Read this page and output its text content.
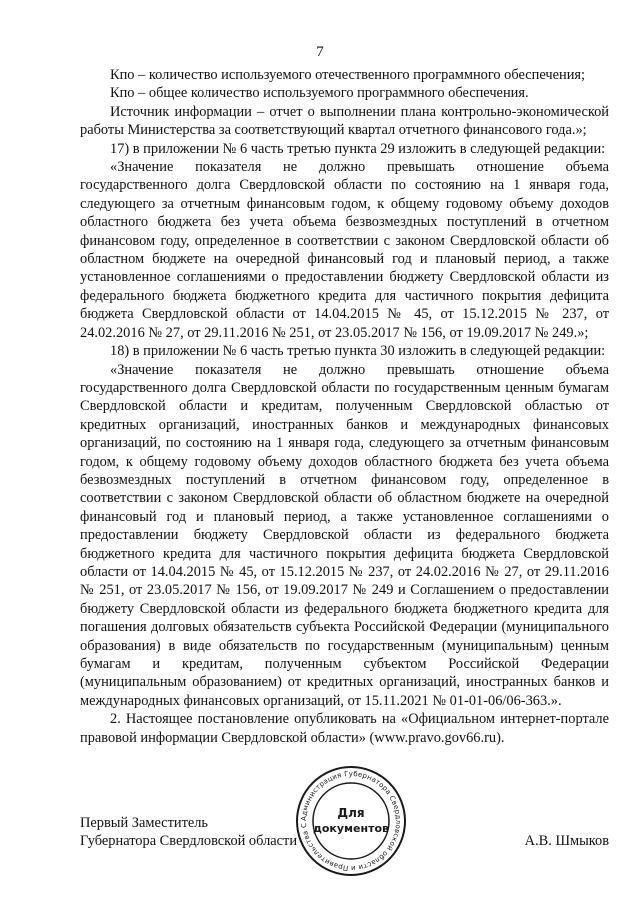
7

Кпо – количество используемого отечественного программного обеспечения;

Кпо – общее количество используемого программного обеспечения.

Источник информации – отчет о выполнении плана контрольно-экономической работы Министерства за соответствующий квартал отчетного финансового года.»;

17) в приложении № 6 часть третью пункта 29 изложить в следующей редакции:

«Значение показателя не должно превышать отношение объема государственного долга Свердловской области по состоянию на 1 января года, следующего за отчетным финансовым годом, к общему годовому объему доходов областного бюджета без учета объема безвозмездных поступлений в отчетном финансовом году, определенное в соответствии с законом Свердловской области об областном бюджете на очередной финансовый год и плановый период, а также установленное соглашениями о предоставлении бюджету Свердловской области из федерального бюджета бюджетного кредита для частичного покрытия дефицита бюджета Свердловской области от 14.04.2015 № 45, от 15.12.2015 № 237, от 24.02.2016 № 27, от 29.11.2016 № 251, от 23.05.2017 № 156, от 19.09.2017 № 249.»;

18) в приложении № 6 часть третью пункта 30 изложить в следующей редакции:

«Значение показателя не должно превышать отношение объема государственного долга Свердловской области по государственным ценным бумагам Свердловской области и кредитам, полученным Свердловской областью от кредитных организаций, иностранных банков и международных финансовых организаций, по состоянию на 1 января года, следующего за отчетным финансовым годом, к общему годовому объему доходов областного бюджета без учета объема безвозмездных поступлений в отчетном финансовом году, определенное в соответствии с законом Свердловской области об областном бюджете на очередной финансовый год и плановый период, а также установленное соглашениями о предоставлении бюджету Свердловской области из федерального бюджета бюджетного кредита для частичного покрытия дефицита бюджета Свердловской области от 14.04.2015 № 45, от 15.12.2015 № 237, от 24.02.2016 № 27, от 29.11.2016 № 251, от 23.05.2017 № 156, от 19.09.2017 № 249 и Соглашением о предоставлении бюджету Свердловской области из федерального бюджета бюджетного кредита для погашения долговых обязательств субъекта Российской Федерации (муниципального образования) в виде обязательств по государственным (муниципальным) ценным бумагам и кредитам, полученным субъектом Российской Федерации (муниципальным образованием) от кредитных организаций, иностранных банков и международных финансовых организаций, от 15.11.2021 № 01-01-06/06-363.».

2. Настоящее постановление опубликовать на «Официальном интернет-портале правовой информации Свердловской области» (www.pravo.gov66.ru).

Первый Заместитель
Губернатора Свердловской области	А.В. Шмыков
Администрация Губернатора Свердловской области и Правительства С
Для
документов
